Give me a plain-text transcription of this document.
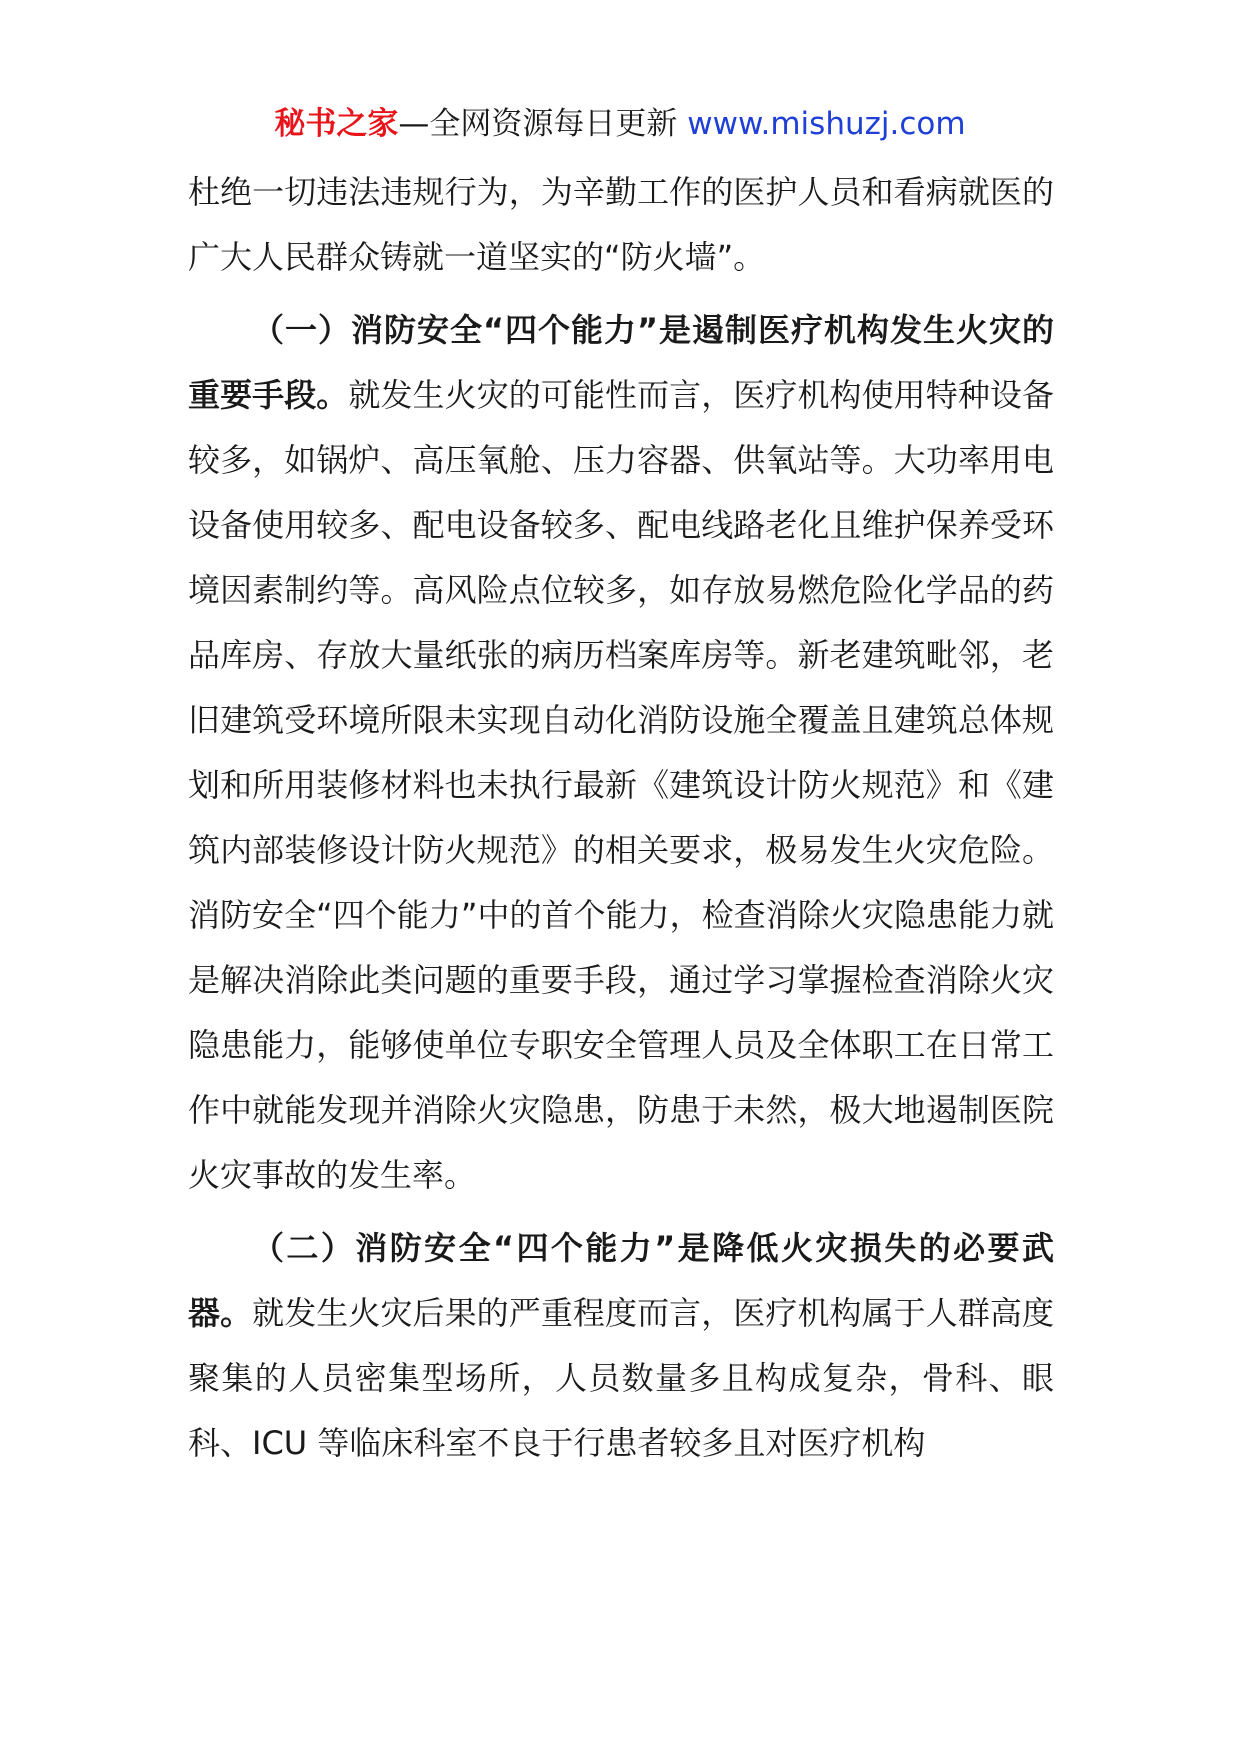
秘书之家—全网资源每日更新 www.mishuzj.com

杜绝一切违法违规行为，为辛勤工作的医护人员和看病就医的广大人民群众铸就一道坚实的“防火墙”。

（一）消防安全“四个能力”是遏制医疗机构发生火灾的重要手段。就发生火灾的可能性而言，医疗机构使用特种设备较多，如锅炉、高压氧舱、压力容器、供氧站等。大功率用电设备使用较多、配电设备较多、配电线路老化且维护保养受环境因素制约等。高风险点位较多，如存放易燃危险化学品的药品库房、存放大量纸张的病历档案库房等。新老建筑毗邻，老旧建筑受环境所限未实现自动化消防设施全覆盖且建筑总体规划和所用装修材料也未执行最新《建筑设计防火规范》和《建筑内部装修设计防火规范》的相关要求，极易发生火灾危险。消防安全“四个能力”中的首个能力，检查消除火灾隐患能力就是解决消除此类问题的重要手段，通过学习掌握检查消除火灾隐患能力，能够使单位专职安全管理人员及全体职工在日常工作中就能发现并消除火灾隐患，防患于未然，极大地遏制医院火灾事故的发生率。

（二）消防安全“四个能力”是降低火灾损失的必要武器。就发生火灾后果的严重程度而言，医疗机构属于人群高度聚集的人员密集型场所，人员数量多且构成复杂，骨科、眼科、ICU 等临床科室不良于行患者较多且对医疗机构
